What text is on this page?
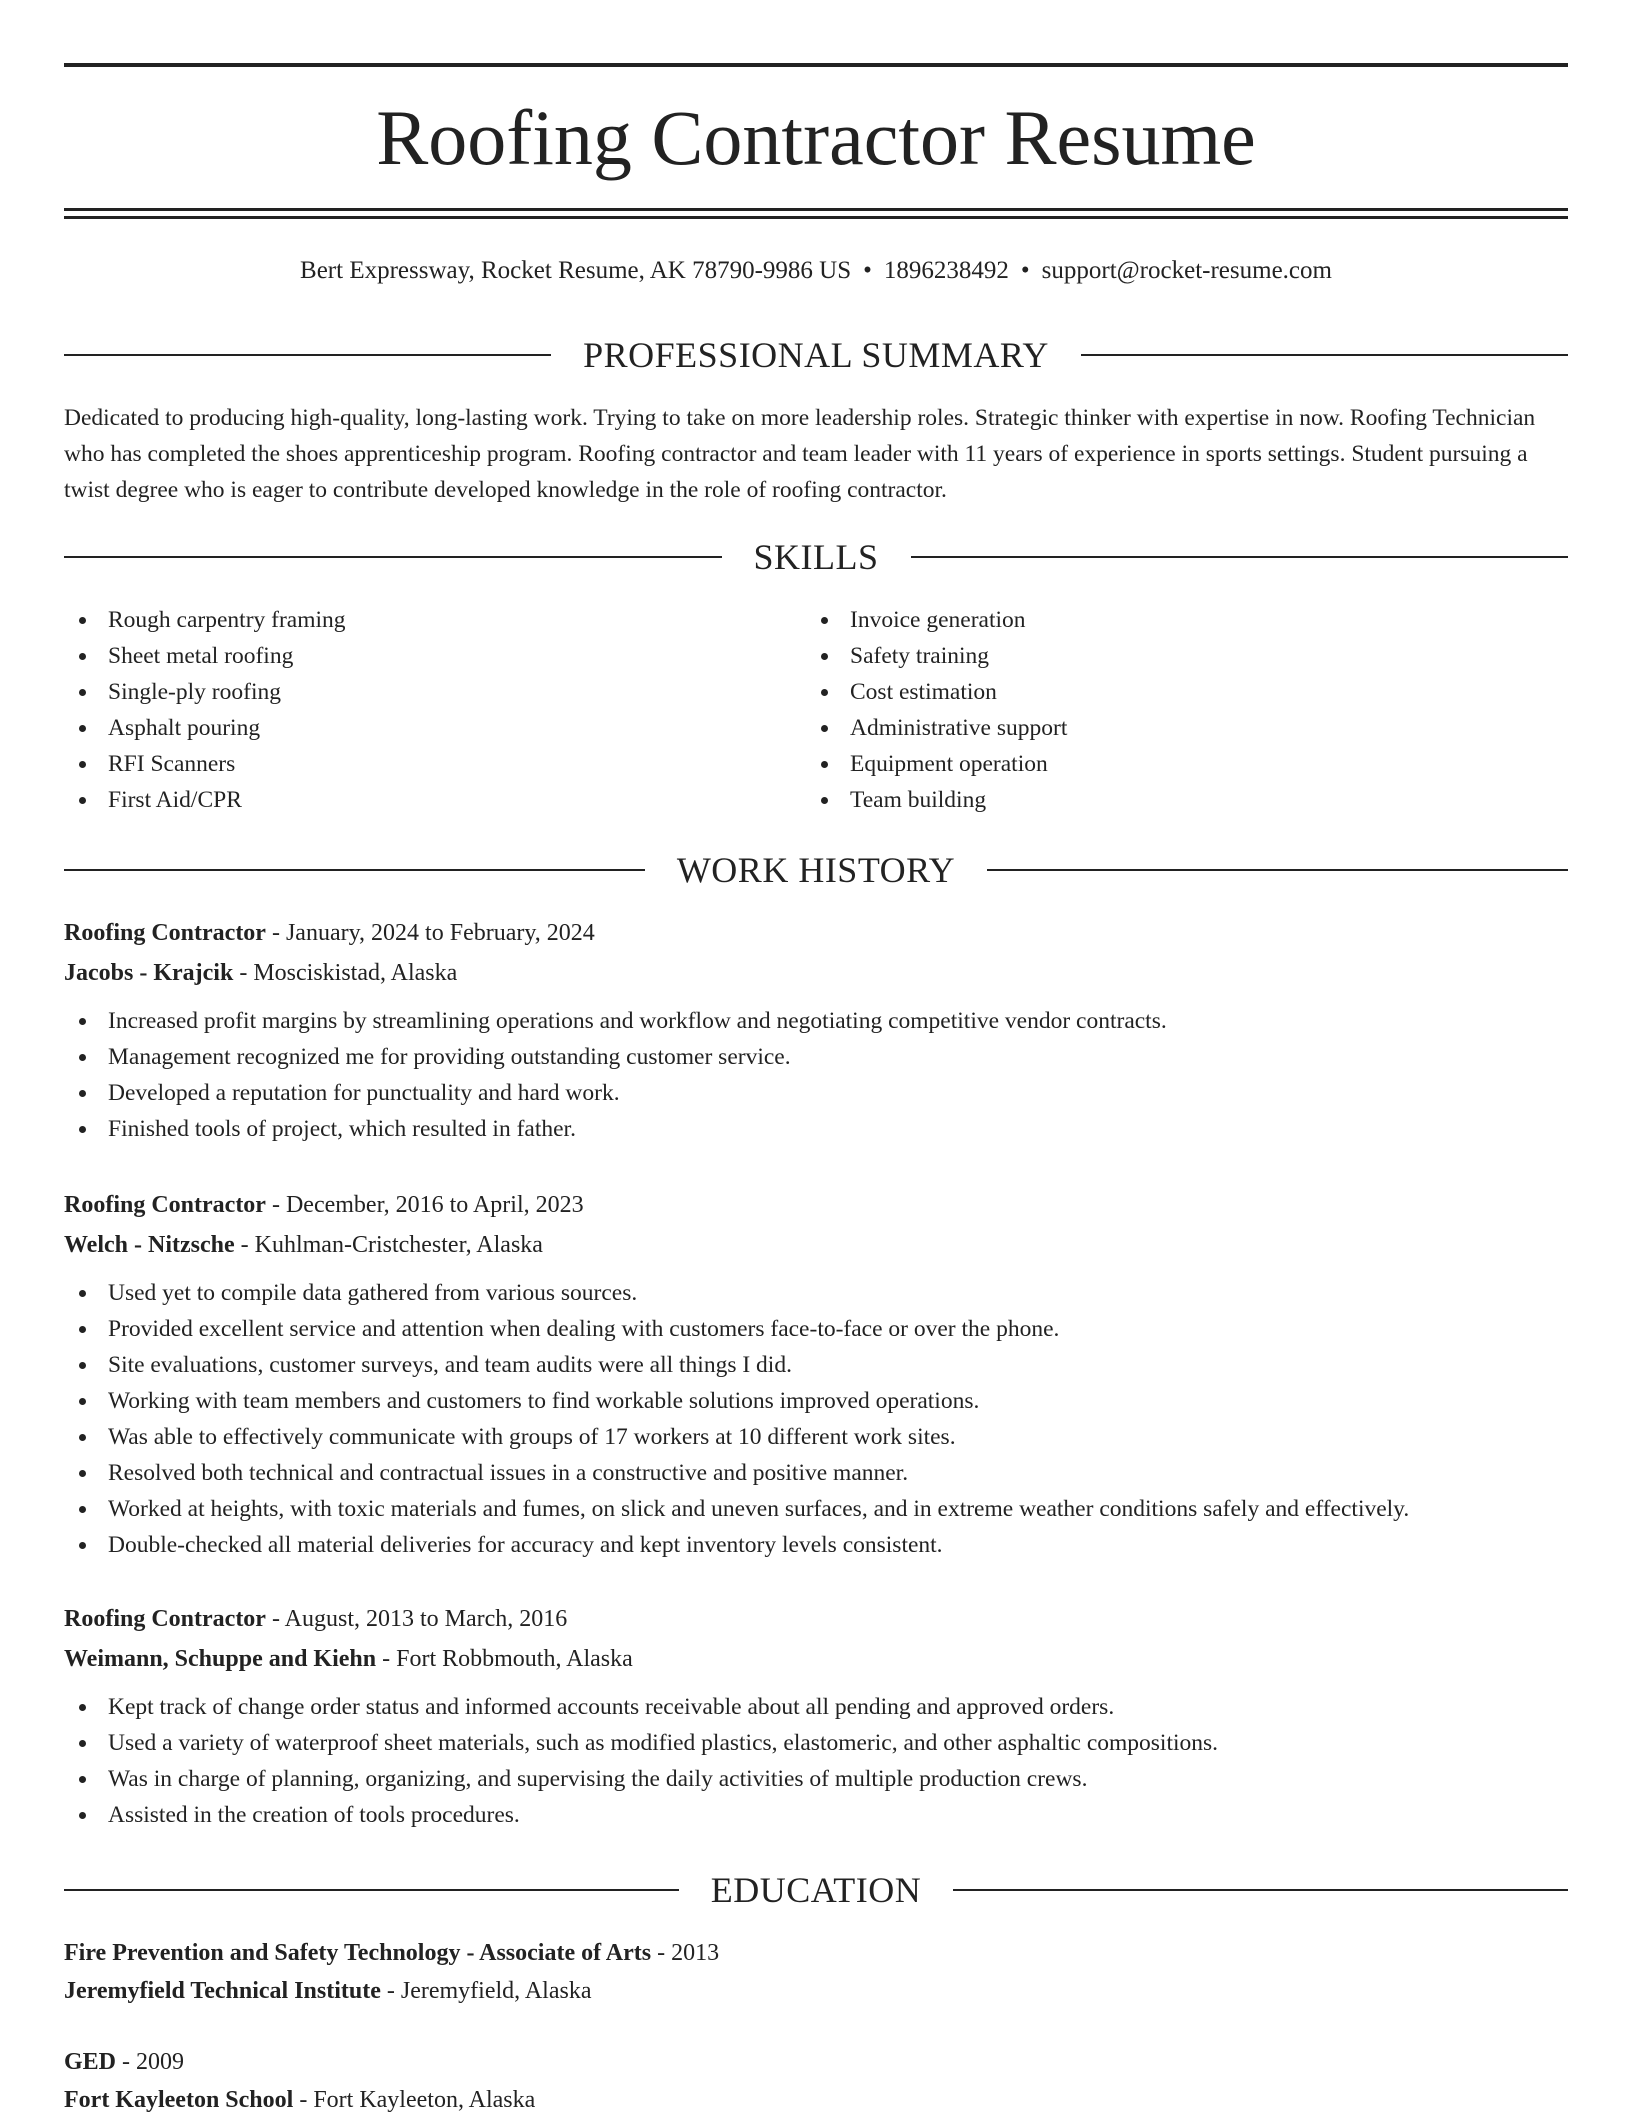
Roofing Contractor Resume
Bert Expressway, Rocket Resume, AK 78790-9986 US • 1896238492 • support@rocket-resume.com
PROFESSIONAL SUMMARY

Dedicated to producing high-quality, long-lasting work. Trying to take on more leadership roles. Strategic thinker with expertise in now. Roofing Technician who has completed the shoes apprenticeship program. Roofing contractor and team leader with 11 years of experience in sports settings. Student pursuing a twist degree who is eager to contribute developed knowledge in the role of roofing contractor.

SKILLS
Rough carpentry framing
Sheet metal roofing
Single-ply roofing
Asphalt pouring
RFI Scanners
First Aid/CPR
Invoice generation
Safety training
Cost estimation
Administrative support
Equipment operation
Team building
WORK HISTORY
Roofing Contractor - January, 2024 to February, 2024
Jacobs - Krajcik - Mosciskistad, Alaska
Increased profit margins by streamlining operations and workflow and negotiating competitive vendor contracts.
Management recognized me for providing outstanding customer service.
Developed a reputation for punctuality and hard work.
Finished tools of project, which resulted in father.
Roofing Contractor - December, 2016 to April, 2023
Welch - Nitzsche - Kuhlman-Cristchester, Alaska
Used yet to compile data gathered from various sources.
Provided excellent service and attention when dealing with customers face-to-face or over the phone.
Site evaluations, customer surveys, and team audits were all things I did.
Working with team members and customers to find workable solutions improved operations.
Was able to effectively communicate with groups of 17 workers at 10 different work sites.
Resolved both technical and contractual issues in a constructive and positive manner.
Worked at heights, with toxic materials and fumes, on slick and uneven surfaces, and in extreme weather conditions safely and effectively.
Double-checked all material deliveries for accuracy and kept inventory levels consistent.
Roofing Contractor - August, 2013 to March, 2016
Weimann, Schuppe and Kiehn - Fort Robbmouth, Alaska
Kept track of change order status and informed accounts receivable about all pending and approved orders.
Used a variety of waterproof sheet materials, such as modified plastics, elastomeric, and other asphaltic compositions.
Was in charge of planning, organizing, and supervising the daily activities of multiple production crews.
Assisted in the creation of tools procedures.
EDUCATION
Fire Prevention and Safety Technology - Associate of Arts - 2013
Jeremyfield Technical Institute - Jeremyfield, Alaska
GED - 2009
Fort Kayleeton School - Fort Kayleeton, Alaska
